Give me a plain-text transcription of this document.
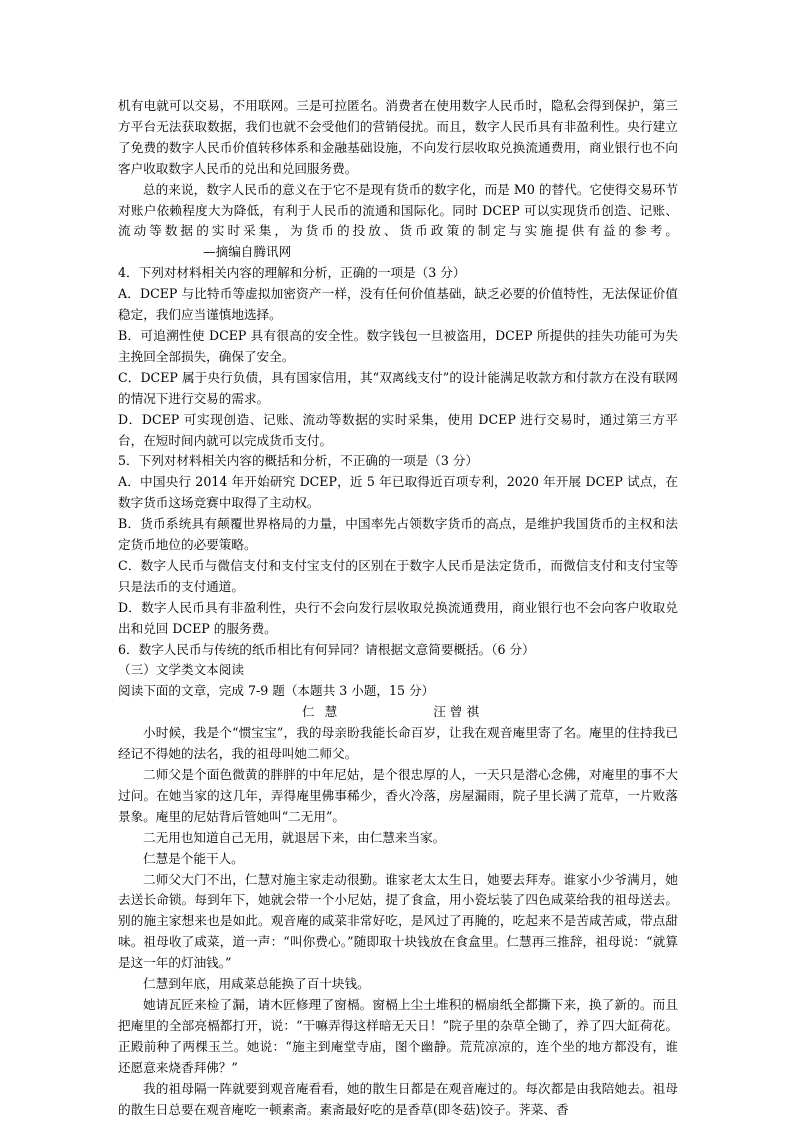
机有电就可以交易，不用联网。三是可拉匿名。消费者在使用数字人民币时，隐私会得到保护，第三方平台无法获取数据，我们也就不会受他们的营销侵扰。而且，数字人民币具有非盈利性。央行建立了免费的数字人民币价值转移体系和金融基础设施，不向发行层收取兑换流通费用，商业银行也不向客户收取数字人民币的兑出和兑回服务费。

总的来说，数字人民币的意义在于它不是现有货币的数字化，而是 M0 的替代。它使得交易环节对账户依赖程度大为降低，有利于人民币的流通和国际化。同时 DCEP 可以实现货币创造、记账、流动等数据的实时采集，为货币的投放、货币政策的制定与实施提供有益的参考。—摘编自腾讯网

4．下列对材料相关内容的理解和分析，正确的一项是（3 分）

A．DCEP 与比特币等虚拟加密资产一样，没有任何价值基础，缺乏必要的价值特性，无法保证价值稳定，我们应当谨慎地选择。

B．可追溯性使 DCEP 具有很高的安全性。数字钱包一旦被盗用，DCEP 所提供的挂失功能可为失主挽回全部损失，确保了安全。

C．DCEP 属于央行负债，具有国家信用，其“双离线支付”的设计能满足收款方和付款方在没有联网的情况下进行交易的需求。

D．DCEP 可实现创造、记账、流动等数据的实时采集，使用 DCEP 进行交易时，通过第三方平台，在短时间内就可以完成货币支付。

5．下列对材料相关内容的概括和分析，不正确的一项是（3 分）

A．中国央行 2014 年开始研究 DCEP，近 5 年已取得近百项专利，2020 年开展 DCEP 试点，在数字货币这场竞赛中取得了主动权。

B．货币系统具有颠覆世界格局的力量，中国率先占领数字货币的高点，是维护我国货币的主权和法定货币地位的必要策略。

C．数字人民币与微信支付和支付宝支付的区别在于数字人民币是法定货币，而微信支付和支付宝等只是法币的支付通道。

D．数字人民币具有非盈利性，央行不会向发行层收取兑换流通费用，商业银行也不会向客户收取兑出和兑回 DCEP 的服务费。

6．数字人民币与传统的纸币相比有何异同？请根据文意简要概括。（6 分）

（三）文学类文本阅读

阅读下面的文章，完成 7-9 题（本题共 3 小题，15 分）

仁慧	汪曾祺

小时候，我是个“惯宝宝”，我的母亲盼我能长命百岁，让我在观音庵里寄了名。庵里的住持我已经记不得她的法名，我的祖母叫她二师父。

二师父是个面色微黄的胖胖的中年尼姑，是个很忠厚的人，一天只是潜心念佛，对庵里的事不大过问。在她当家的这几年，弄得庵里佛事稀少，香火冷落，房屋漏雨，院子里长满了荒草，一片败落景象。庵里的尼姑背后管她叫“二无用”。

二无用也知道自己无用，就退居下来，由仁慧来当家。

仁慧是个能干人。

二师父大门不出，仁慧对施主家走动很勤。谁家老太太生日，她要去拜寿。谁家小少爷满月，她去送长命锁。每到年下，她就会带一个小尼姑，提了食盒，用小瓷坛装了四色咸菜给我的祖母送去。别的施主家想来也是如此。观音庵的咸菜非常好吃，是风过了再腌的，吃起来不是苦咸苦咸，带点甜味。祖母收了咸菜，道一声：“叫你费心。”随即取十块钱放在食盒里。仁慧再三推辞，祖母说：“就算是这一年的灯油钱。”

仁慧到年底，用咸菜总能换了百十块钱。

她请瓦匠来检了漏，请木匠修理了窗槅。窗槅上尘土堆积的槅扇纸全都撕下来，换了新的。而且把庵里的全部亮槅都打开，说：“干嘛弄得这样暗无天日！”院子里的杂草全锄了，养了四大缸荷花。正殿前种了两棵玉兰。她说：“施主到庵堂寺庙，图个幽静。荒荒凉凉的，连个坐的地方都没有，谁还愿意来烧香拜佛？”

我的祖母隔一阵就要到观音庵看看，她的散生日都是在观音庵过的。每次都是由我陪她去。祖母的散生日总要在观音庵吃一顿素斋。素斋最好吃的是香草(即冬菇)饺子。荠菜、香
